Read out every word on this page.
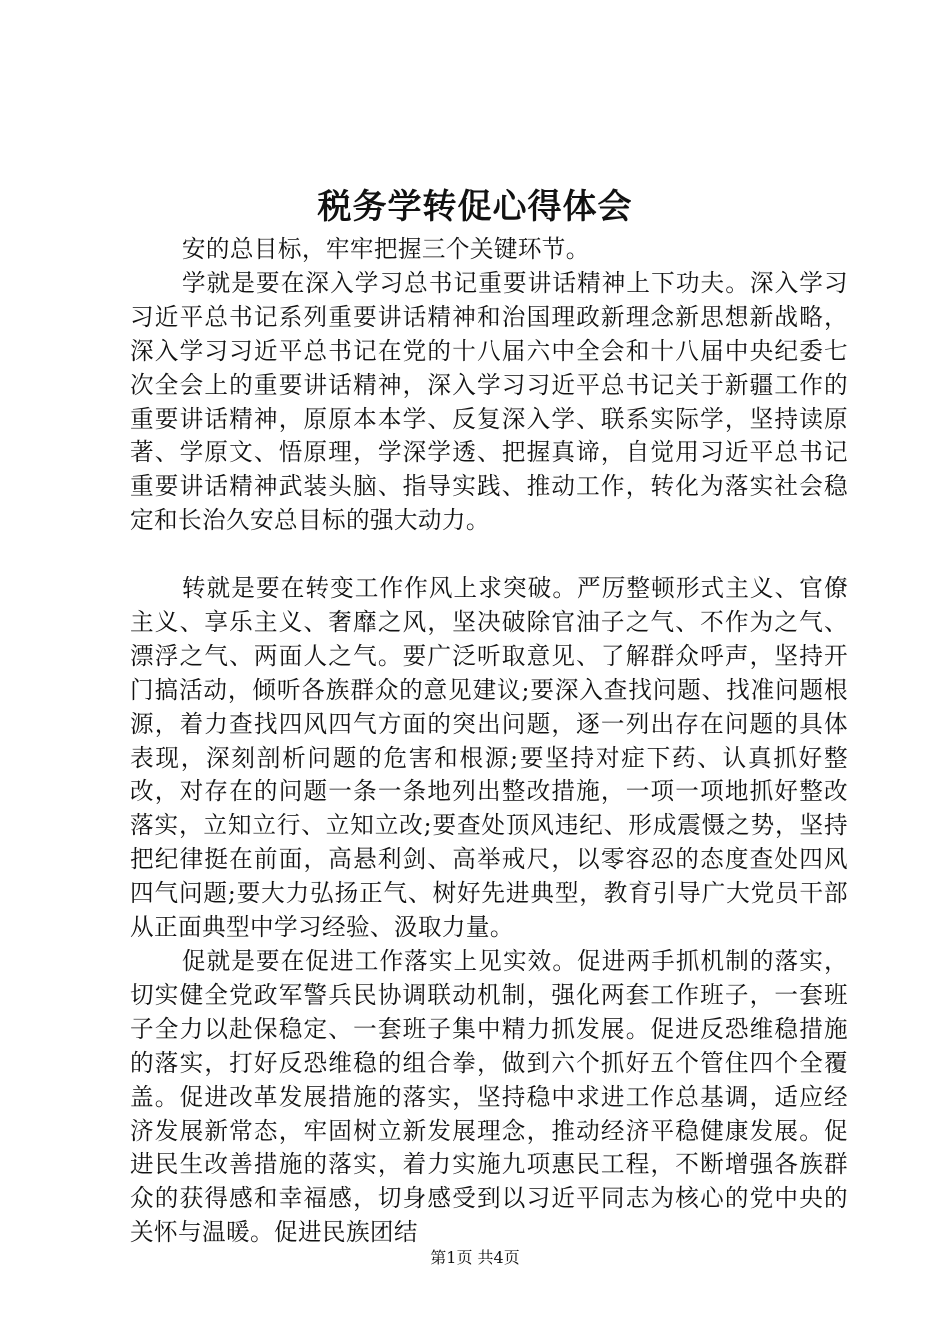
税务学转促心得体会

安的总目标，牢牢把握三个关键环节。

学就是要在深入学习总书记重要讲话精神上下功夫。深入学习习近平总书记系列重要讲话精神和治国理政新理念新思想新战略，深入学习习近平总书记在党的十八届六中全会和十八届中央纪委七次全会上的重要讲话精神，深入学习习近平总书记关于新疆工作的重要讲话精神，原原本本学、反复深入学、联系实际学，坚持读原著、学原文、悟原理，学深学透、把握真谛，自觉用习近平总书记重要讲话精神武装头脑、指导实践、推动工作，转化为落实社会稳定和长治久安总目标的强大动力。

转就是要在转变工作作风上求突破。严厉整顿形式主义、官僚主义、享乐主义、奢靡之风，坚决破除官油子之气、不作为之气、漂浮之气、两面人之气。要广泛听取意见、了解群众呼声，坚持开门搞活动，倾听各族群众的意见建议;要深入查找问题、找准问题根源，着力查找四风四气方面的突出问题，逐一列出存在问题的具体表现，深刻剖析问题的危害和根源;要坚持对症下药、认真抓好整改，对存在的问题一条一条地列出整改措施，一项一项地抓好整改落实，立知立行、立知立改;要查处顶风违纪、形成震慑之势，坚持把纪律挺在前面，高悬利剑、高举戒尺，以零容忍的态度查处四风四气问题;要大力弘扬正气、树好先进典型，教育引导广大党员干部从正面典型中学习经验、汲取力量。

促就是要在促进工作落实上见实效。促进两手抓机制的落实，切实健全党政军警兵民协调联动机制，强化两套工作班子，一套班子全力以赴保稳定、一套班子集中精力抓发展。促进反恐维稳措施的落实，打好反恐维稳的组合拳，做到六个抓好五个管住四个全覆盖。促进改革发展措施的落实，坚持稳中求进工作总基调，适应经济发展新常态，牢固树立新发展理念，推动经济平稳健康发展。促进民生改善措施的落实，着力实施九项惠民工程，不断增强各族群众的获得感和幸福感，切身感受到以习近平同志为核心的党中央的关怀与温暖。促进民族团结

第1页 共4页
